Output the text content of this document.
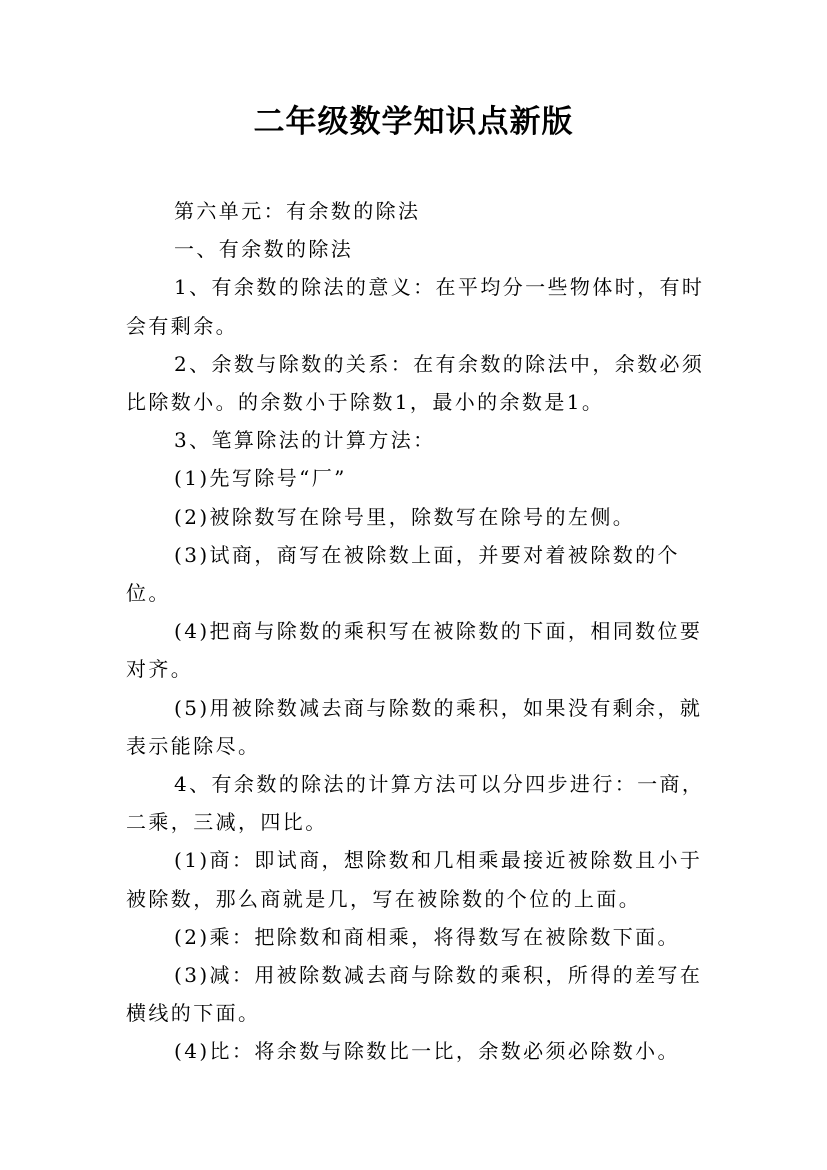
二年级数学知识点新版

第六单元：有余数的除法

一、有余数的除法

1、有余数的除法的意义：在平均分一些物体时，有时
会有剩余。

2、余数与除数的关系：在有余数的除法中，余数必须
比除数小。的余数小于除数1，最小的余数是1。

3、笔算除法的计算方法：

(1)先写除号“厂”

(2)被除数写在除号里，除数写在除号的左侧。

(3)试商，商写在被除数上面，并要对着被除数的个位。

(4)把商与除数的乘积写在被除数的下面，相同数位要
对齐。

(5)用被除数减去商与除数的乘积，如果没有剩余，就
表示能除尽。

4、有余数的除法的计算方法可以分四步进行：一商，
二乘，三减，四比。

(1)商：即试商，想除数和几相乘最接近被除数且小于
被除数，那么商就是几，写在被除数的个位的上面。

(2)乘：把除数和商相乘，将得数写在被除数下面。

(3)减：用被除数减去商与除数的乘积，所得的差写在
横线的下面。

(4)比：将余数与除数比一比，余数必须必除数小。
